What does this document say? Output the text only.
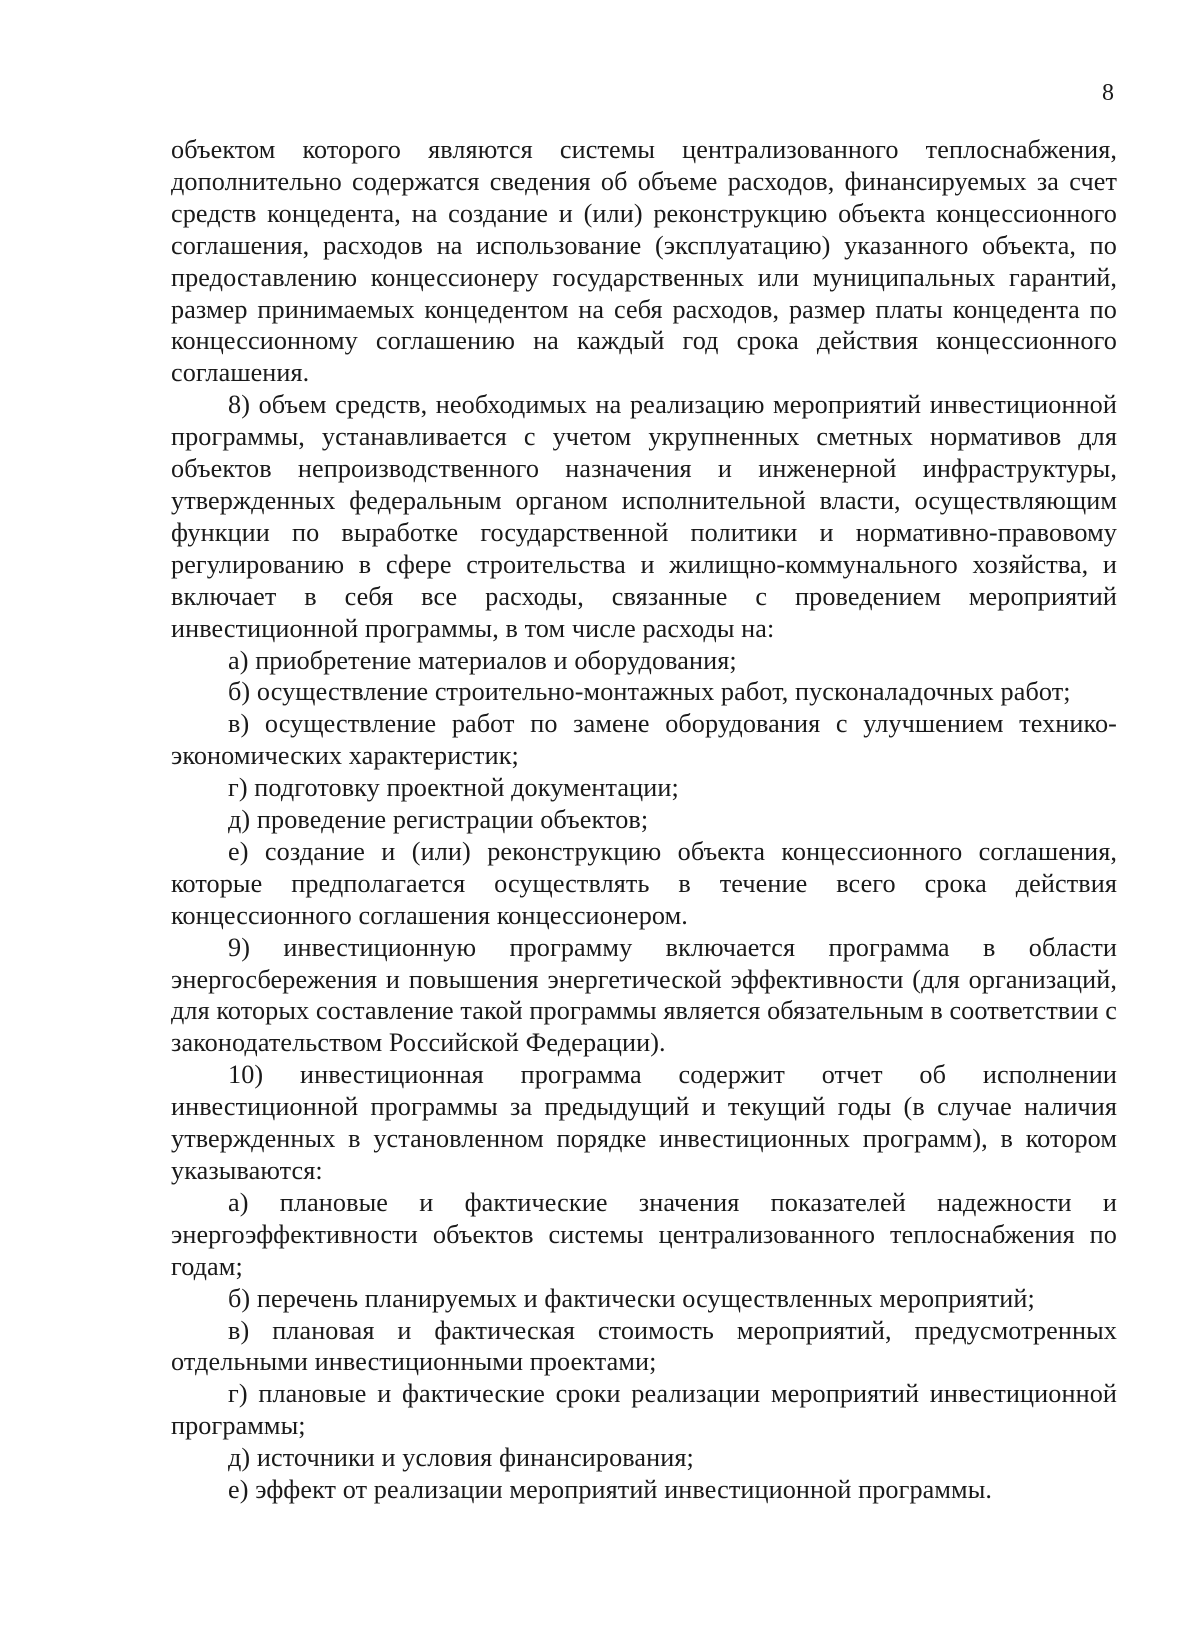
8

объектом которого являются системы централизованного теплоснабжения, дополнительно содержатся сведения об объеме расходов, финансируемых за счет средств концедента, на создание и (или) реконструкцию объекта концессионного соглашения, расходов на использование (эксплуатацию) указанного объекта, по предоставлению концессионеру государственных или муниципальных гарантий, размер принимаемых концедентом на себя расходов, размер платы концедента по концессионному соглашению на каждый год срока действия концессионного соглашения.

8) объем средств, необходимых на реализацию мероприятий инвестиционной программы, устанавливается с учетом укрупненных сметных нормативов для объектов непроизводственного назначения и инженерной инфраструктуры, утвержденных федеральным органом исполнительной власти, осуществляющим функции по выработке государственной политики и нормативно-правовому регулированию в сфере строительства и жилищно-коммунального хозяйства, и включает в себя все расходы, связанные с проведением мероприятий инвестиционной программы, в том числе расходы на:

а) приобретение материалов и оборудования;

б) осуществление строительно-монтажных работ, пусконаладочных работ;

в) осуществление работ по замене оборудования с улучшением технико-экономических характеристик;

г) подготовку проектной документации;

д) проведение регистрации объектов;

е) создание и (или) реконструкцию объекта концессионного соглашения, которые предполагается осуществлять в течение всего срока действия концессионного соглашения концессионером.

9) инвестиционную программу включается программа в области энергосбережения и повышения энергетической эффективности (для организаций, для которых составление такой программы является обязательным в соответствии с законодательством Российской Федерации).

10) инвестиционная программа содержит отчет об исполнении инвестиционной программы за предыдущий и текущий годы (в случае наличия утвержденных в установленном порядке инвестиционных программ), в котором указываются:

а) плановые и фактические значения показателей надежности и энергоэффективности объектов системы централизованного теплоснабжения по годам;

б) перечень планируемых и фактически осуществленных мероприятий;

в) плановая и фактическая стоимость мероприятий, предусмотренных отдельными инвестиционными проектами;

г) плановые и фактические сроки реализации мероприятий инвестиционной программы;

д) источники и условия финансирования;

е) эффект от реализации мероприятий инвестиционной программы.
